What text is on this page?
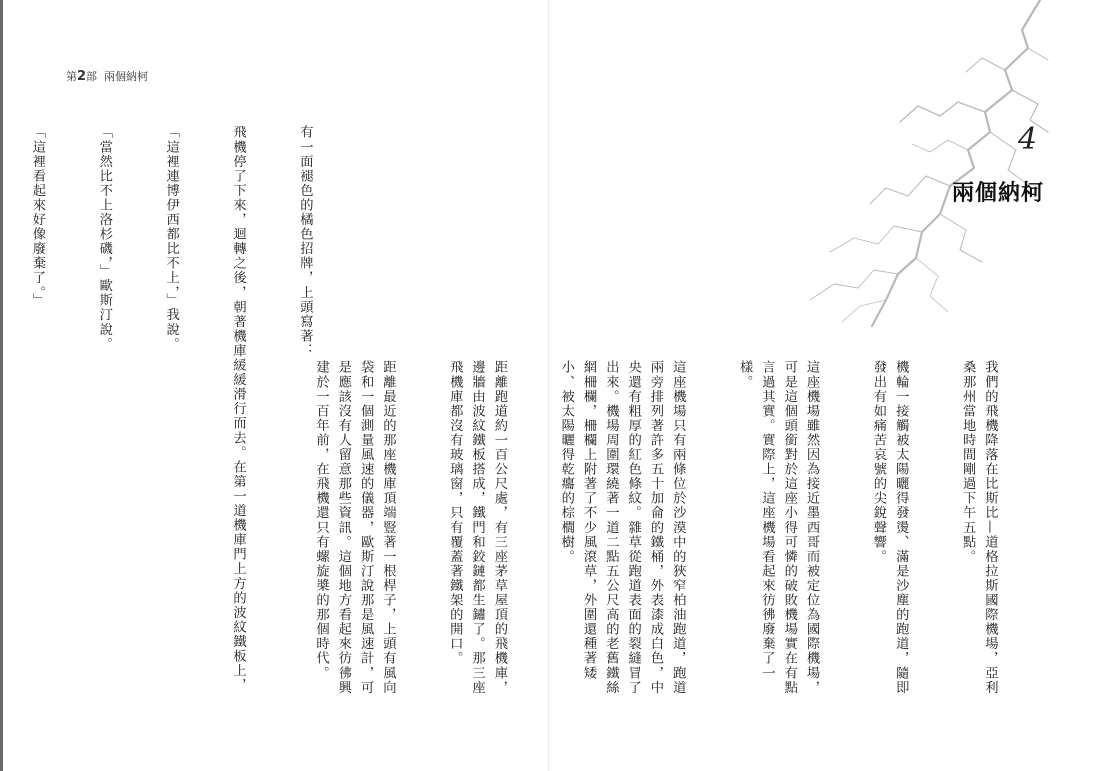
第2部 兩個納柯

有一面褪色的橘色招牌，上頭寫著：

飛機停了下來，迴轉之後，朝著機庫緩緩滑行而去。在第一道機庫門上方的波紋鐵板上，

「這裡連博伊西都比不上，」我說。

「當然比不上洛杉磯，」歐斯汀說。

「這裡看起來好像廢棄了。」

	4
兩個納柯

我們的飛機降落在比斯比—道格拉斯國際機場，亞利桑那州當地時間剛過下午五點。

機輪一接觸被太陽曬得發燙、滿是沙塵的跑道，隨即發出有如痛苦哀號的尖銳聲響。

這座機場雖然因為接近墨西哥而被定位為國際機場，可是這個頭銜對於這座小得可憐的破敗機場實在有點言過其實。實際上，這座機場看起來彷彿廢棄了一樣。

這座機場只有兩條位於沙漠中的狹窄柏油跑道，跑道兩旁排列著許多五十加侖的鐵桶，外表漆成白色，中央還有粗厚的紅色條紋。雜草從跑道表面的裂縫冒了出來。機場周圍環繞著一道二點五公尺高的老舊鐵絲網柵欄，柵欄上附著了不少風滾草，外圍還種著矮小、被太陽曬得乾癟的棕櫚樹。

距離跑道約一百公尺處，有三座茅草屋頂的飛機庫，邊牆由波紋鐵板搭成，鐵門和鉸鏈都生鏽了。那三座飛機庫都沒有玻璃窗，只有覆蓋著鐵架的開口。

距離最近的那座機庫頂端豎著一根桿子，上頭有風向袋和一個測量風速的儀器，歐斯汀說那是風速計，可是應該沒有人留意那些資訊。這個地方看起來彷彿興建於一百年前，在飛機還只有螺旋槳的那個時代。
